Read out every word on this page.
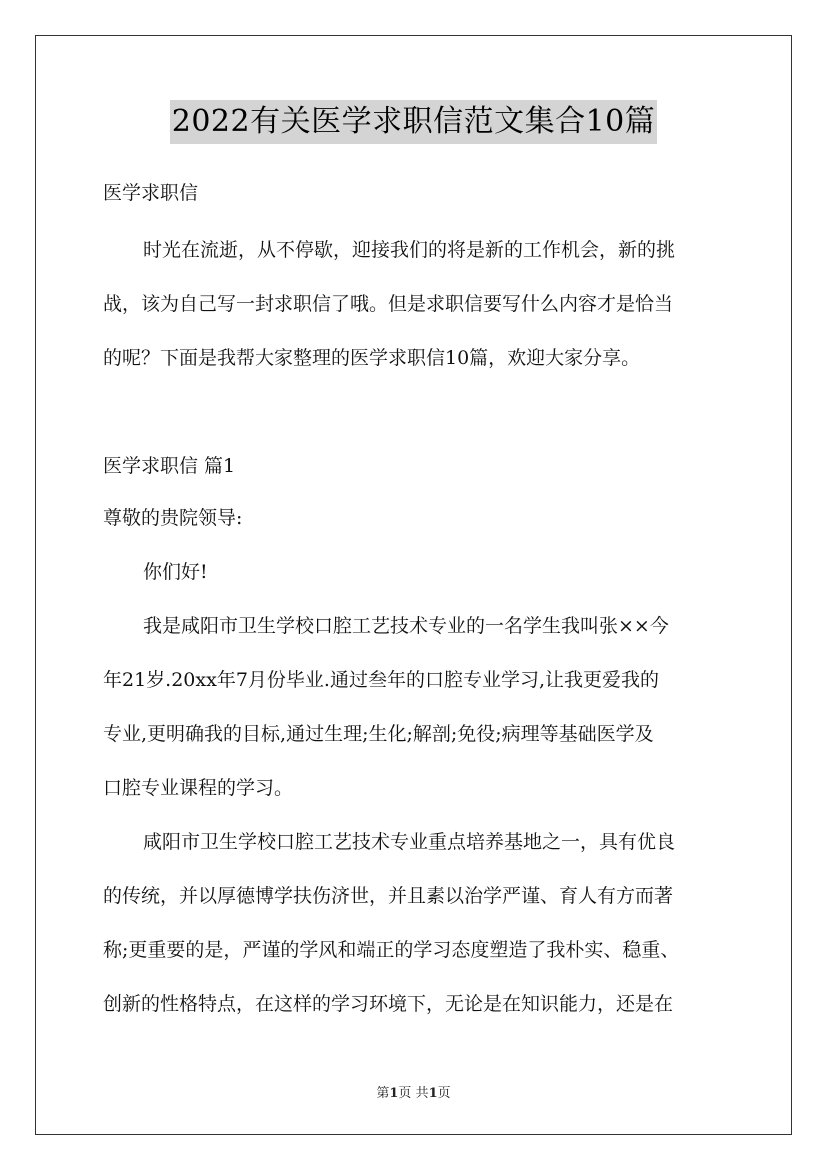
2022有关医学求职信范文集合10篇
医学求职信
时光在流逝，从不停歇，迎接我们的将是新的工作机会，新的挑
战，该为自己写一封求职信了哦。但是求职信要写什么内容才是恰当
的呢？下面是我帮大家整理的医学求职信10篇，欢迎大家分享。
医学求职信 篇1
尊敬的贵院领导:
你们好!
我是咸阳市卫生学校口腔工艺技术专业的一名学生我叫张××今
年21岁.20xx年7月份毕业.通过叁年的口腔专业学习,让我更爱我的
专业,更明确我的目标,通过生理;生化;解剖;免役;病理等基础医学及
口腔专业课程的学习。
咸阳市卫生学校口腔工艺技术专业重点培养基地之一，具有优良
的传统，并以厚德博学扶伤济世，并且素以治学严谨、育人有方而著
称;更重要的是，严谨的学风和端正的学习态度塑造了我朴实、稳重、
创新的性格特点，在这样的学习环境下，无论是在知识能力，还是在
第1页 共1页
